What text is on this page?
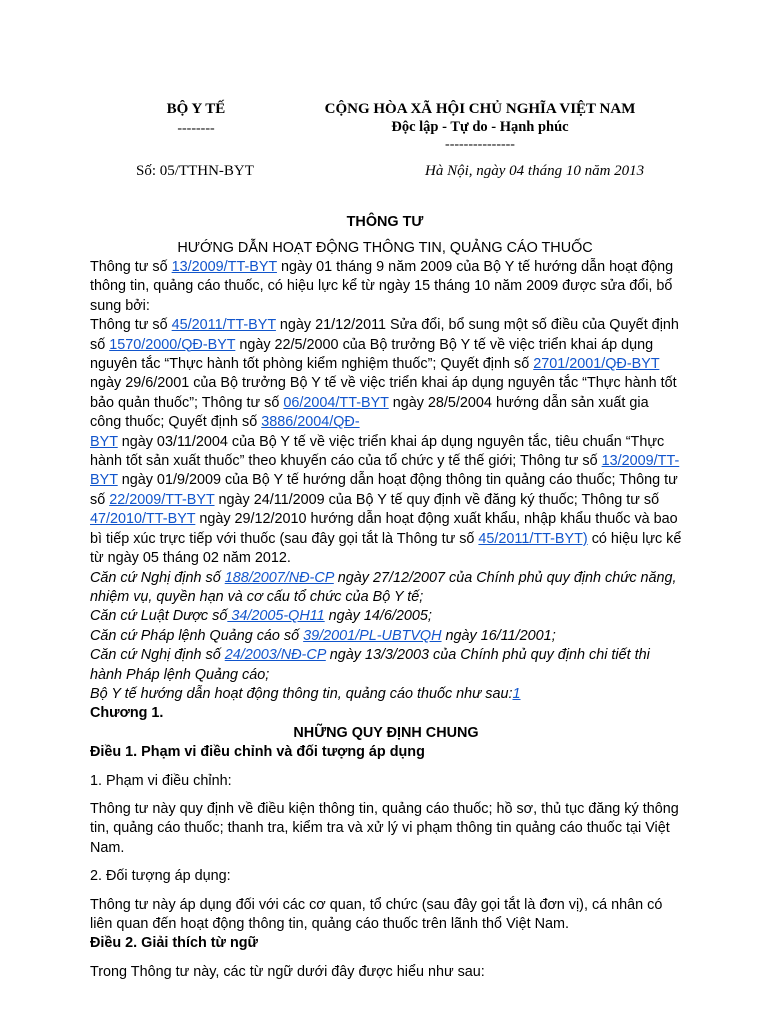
BỘ Y TẾ
--------
CỘNG HÒA XÃ HỘI CHỦ NGHĨA VIỆT NAM
Độc lập - Tự do - Hạnh phúc
---------------
Số: 05/TTHN-BYT	Hà Nội, ngày 04 tháng 10 năm 2013
THÔNG TƯ
HƯỚNG DẪN HOẠT ĐỘNG THÔNG TIN, QUẢNG CÁO THUỐC

Thông tư số 13/2009/TT-BYT ngày 01 tháng 9 năm 2009 của Bộ Y tế hướng dẫn hoạt động thông tin, quảng cáo thuốc, có hiệu lực kể từ ngày 15 tháng 10 năm 2009 được sửa đổi, bổ sung bởi:

Thông tư số 45/2011/TT-BYT ngày 21/12/2011 Sửa đổi, bổ sung một số điều của Quyết định số 1570/2000/QĐ-BYT ngày 22/5/2000 của Bộ trưởng Bộ Y tế về việc triển khai áp dụng nguyên tắc “Thực hành tốt phòng kiểm nghiệm thuốc”; Quyết định số 2701/2001/QĐ-BYT ngày 29/6/2001 của Bộ trưởng Bộ Y tế về việc triển khai áp dụng nguyên tắc “Thực hành tốt bảo quản thuốc”; Thông tư số 06/2004/TT-BYT ngày 28/5/2004 hướng dẫn sản xuất gia công thuốc; Quyết định số 3886/2004/QĐ-
BYT ngày 03/11/2004 của Bộ Y tế về việc triển khai áp dụng nguyên tắc, tiêu chuẩn “Thực hành tốt sản xuất thuốc” theo khuyến cáo của tổ chức y tế thế giới; Thông tư số 13/2009/TT-BYT ngày 01/9/2009 của Bộ Y tế hướng dẫn hoạt động thông tin quảng cáo thuốc; Thông tư số 22/2009/TT-BYT ngày 24/11/2009 của Bộ Y tế quy định về đăng ký thuốc; Thông tư số 47/2010/TT-BYT ngày 29/12/2010 hướng dẫn hoạt động xuất khẩu, nhập khẩu thuốc và bao bì tiếp xúc trực tiếp với thuốc (sau đây gọi tắt là Thông tư số 45/2011/TT-BYT) có hiệu lực kể từ ngày 05 tháng 02 năm 2012.

Căn cứ Nghị định số 188/2007/NĐ-CP ngày 27/12/2007 của Chính phủ quy định chức năng, nhiệm vụ, quyền hạn và cơ cấu tổ chức của Bộ Y tế;

Căn cứ Luật Dược số 34/2005-QH11 ngày 14/6/2005;

Căn cứ Pháp lệnh Quảng cáo số 39/2001/PL-UBTVQH ngày 16/11/2001;

Căn cứ Nghị định số 24/2003/NĐ-CP ngày 13/3/2003 của Chính phủ quy định chi tiết thi hành Pháp lệnh Quảng cáo;

Bộ Y tế hướng dẫn hoạt động thông tin, quảng cáo thuốc như sau:1

Chương 1.

NHỮNG QUY ĐỊNH CHUNG

Điều 1. Phạm vi điều chỉnh và đối tượng áp dụng

1. Phạm vi điều chỉnh:

Thông tư này quy định về điều kiện thông tin, quảng cáo thuốc; hồ sơ, thủ tục đăng ký thông tin, quảng cáo thuốc; thanh tra, kiểm tra và xử lý vi phạm thông tin quảng cáo thuốc tại Việt Nam.

2. Đối tượng áp dụng:

Thông tư này áp dụng đối với các cơ quan, tổ chức (sau đây gọi tắt là đơn vị), cá nhân có liên quan đến hoạt động thông tin, quảng cáo thuốc trên lãnh thổ Việt Nam.

Điều 2. Giải thích từ ngữ

Trong Thông tư này, các từ ngữ dưới đây được hiểu như sau:
